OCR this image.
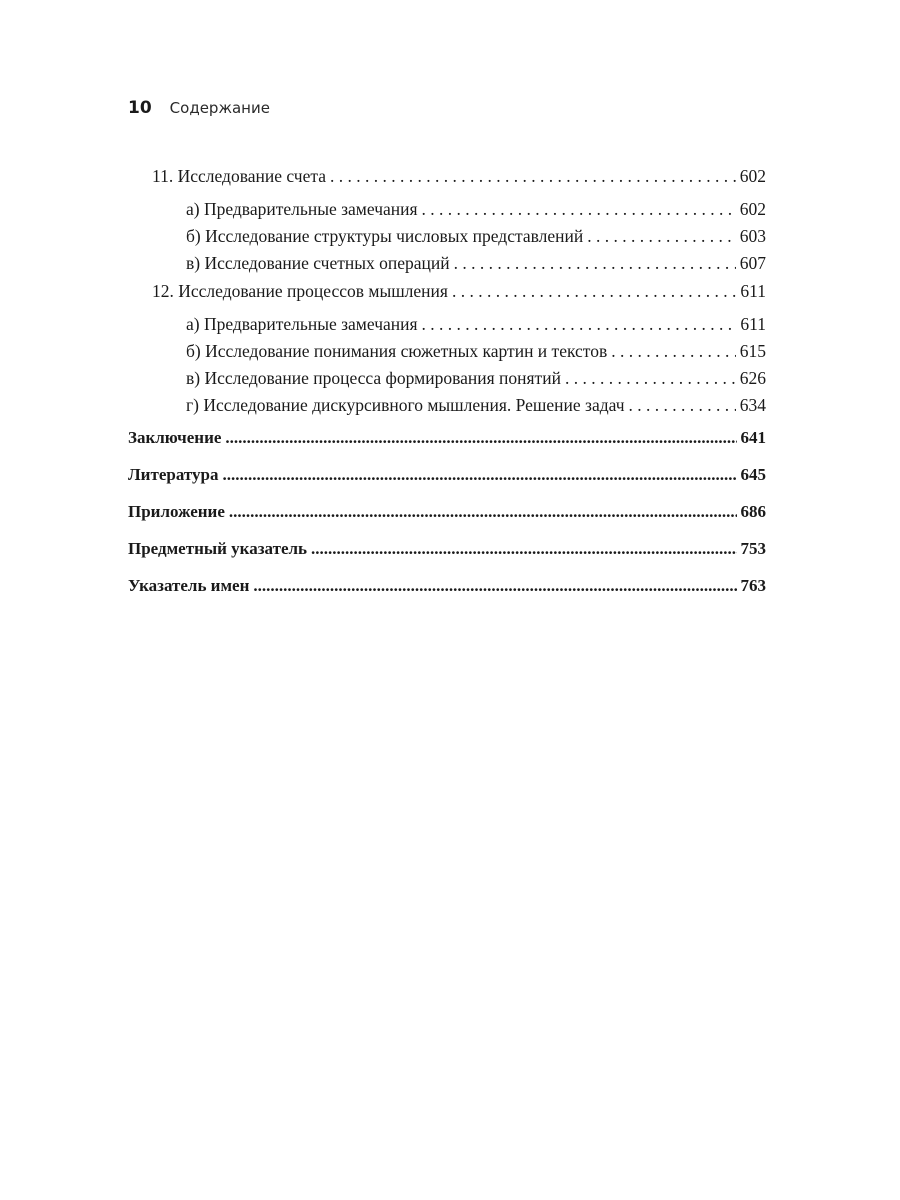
10 Содержание
11. Исследование счета . . .	602
а) Предварительные замечания . . .	602
б) Исследование структуры числовых представлений . . .	603
в) Исследование счетных операций . . .	607
12. Исследование процессов мышления . . .	611
а) Предварительные замечания . . .	611
б) Исследование понимания сюжетных картин и текстов . . .	615
в) Исследование процесса формирования понятий . . .	626
г) Исследование дискурсивного мышления. Решение задач . . .	634
Заключение .....	641
Литература .....	645
Приложение .....	686
Предметный указатель .....	753
Указатель имен .....	763
